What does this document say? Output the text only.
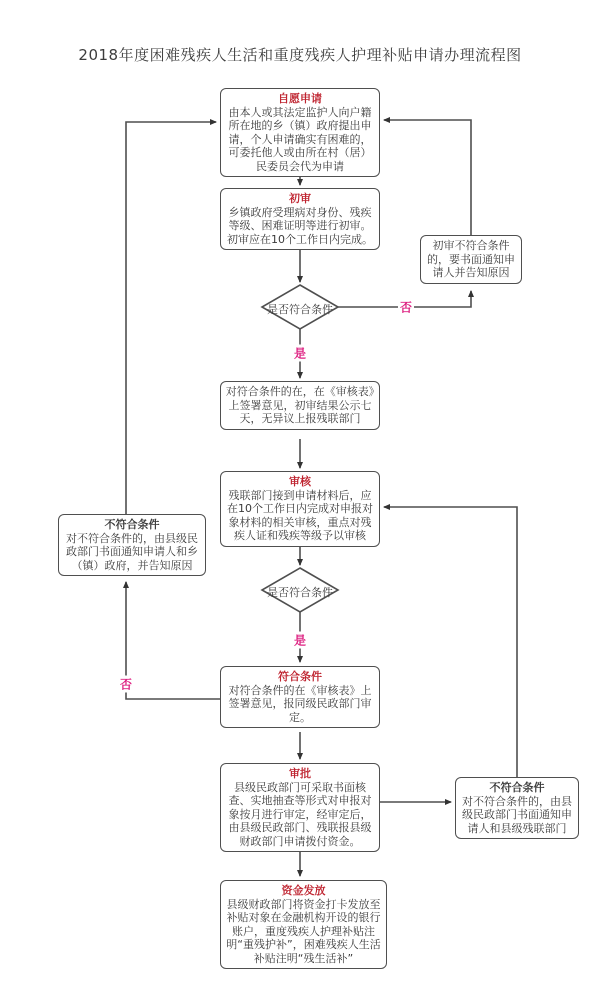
2018年度困难残疾人生活和重度残疾人护理补贴申请办理流程图
自愿申请
由本人或其法定监护人向户籍所在地的乡（镇）政府提出申请，个人申请确实有困难的，可委托他人或由所在村（居）民委员会代为申请
初审
乡镇政府受理病对身份、残疾等级、困难证明等进行初审。初审应在10个工作日内完成。	初审不符合条件的，要书面通知申请人并告知原因
是否符合条件
对符合条件的在，在《审核表》上签署意见，初审结果公示七天，无异议上报残联部门
审核
残联部门接到申请材料后，应在10个工作日内完成对申报对象材料的相关审核，重点对残疾人证和残疾等级予以审核
不符合条件
对不符合条件的，由县级民政部门书面通知申请人和乡（镇）政府，并告知原因
是否符合条件
符合条件
对符合条件的在《审核表》上签署意见，报同级民政部门审定。
审批
县级民政部门可采取书面核查、实地抽查等形式对申报对象按月进行审定，经审定后，由县级民政部门、残联报县级财政部门申请拨付资金。
不符合条件
对不符合条件的，由县级民政部门书面通知申请人和县级残联部门
资金发放
县级财政部门将资金打卡发放至补贴对象在金融机构开设的银行账户，重度残疾人护理补贴注明“重残护补”，困难残疾人生活补贴注明“残生活补”
是
否
是
否
